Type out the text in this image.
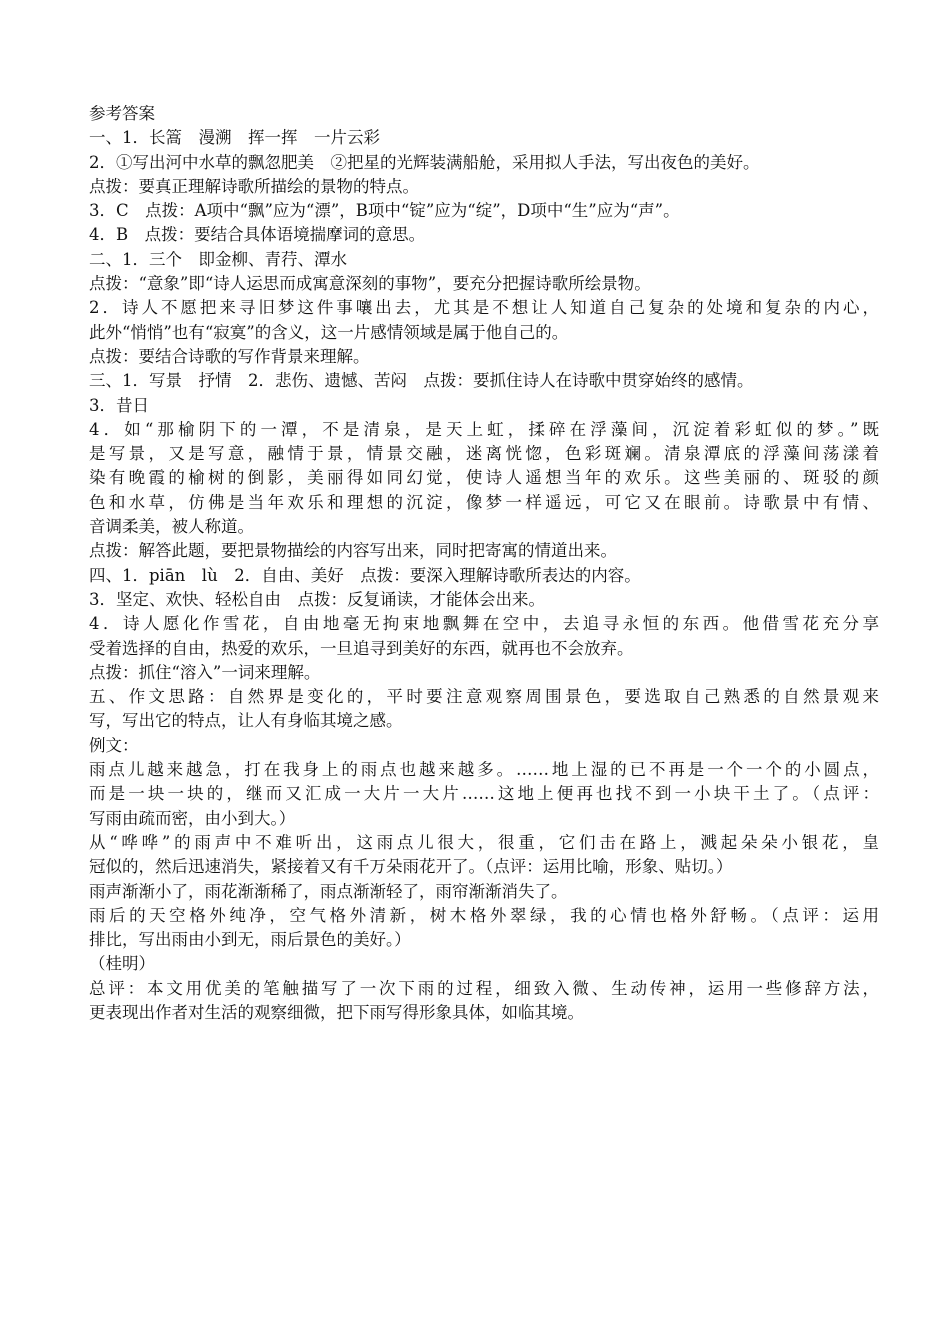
参考答案
一、1．长篙　漫溯　挥一挥　一片云彩
2．①写出河中水草的飘忽肥美　②把星的光辉装满船舱，采用拟人手法，写出夜色的美好。
点拨：要真正理解诗歌所描绘的景物的特点。
3．C　点拨：A项中“飘”应为“漂”，B项中“锭”应为“绽”，D项中“生”应为“声”。
4．B　点拨：要结合具体语境揣摩词的意思。
二、1．三个　即金柳、青荇、潭水
点拨：“意象”即“诗人运思而成寓意深刻的事物”，要充分把握诗歌所绘景物。
2．诗人不愿把来寻旧梦这件事嚷出去，尤其是不想让人知道自己复杂的处境和复杂的内心，
此外“悄悄”也有“寂寞”的含义，这一片感情领域是属于他自己的。
点拨：要结合诗歌的写作背景来理解。
三、1．写景　抒情　2．悲伤、遗憾、苦闷　点拨：要抓住诗人在诗歌中贯穿始终的感情。
3．昔日
4．如“那榆阴下的一潭，不是清泉，是天上虹，揉碎在浮藻间，沉淀着彩虹似的梦。”既
是写景，又是写意，融情于景，情景交融，迷离恍惚，色彩斑斓。清泉潭底的浮藻间荡漾着
染有晚霞的榆树的倒影，美丽得如同幻觉，使诗人遥想当年的欢乐。这些美丽的、斑驳的颜
色和水草，仿佛是当年欢乐和理想的沉淀，像梦一样遥远，可它又在眼前。诗歌景中有情、
音调柔美，被人称道。
点拨：解答此题，要把景物描绘的内容写出来，同时把寄寓的情道出来。
四、1．piān　lù　2．自由、美好　点拨：要深入理解诗歌所表达的内容。
3．坚定、欢快、轻松自由　点拨：反复诵读，才能体会出来。
4．诗人愿化作雪花，自由地毫无拘束地飘舞在空中，去追寻永恒的东西。他借雪花充分享
受着选择的自由，热爱的欢乐，一旦追寻到美好的东西，就再也不会放弃。
点拨：抓住“溶入”一词来理解。
五、作文思路：自然界是变化的，平时要注意观察周围景色，要选取自己熟悉的自然景观来
写，写出它的特点，让人有身临其境之感。
例文：
雨点儿越来越急，打在我身上的雨点也越来越多。……地上湿的已不再是一个一个的小圆点，
而是一块一块的，继而又汇成一大片一大片……这地上便再也找不到一小块干土了。（点评：
写雨由疏而密，由小到大。）
从“哗哗”的雨声中不难听出，这雨点儿很大，很重，它们击在路上，溅起朵朵小银花，皇
冠似的，然后迅速消失，紧接着又有千万朵雨花开了。（点评：运用比喻，形象、贴切。）
雨声渐渐小了，雨花渐渐稀了，雨点渐渐轻了，雨帘渐渐消失了。
雨后的天空格外纯净，空气格外清新，树木格外翠绿，我的心情也格外舒畅。（点评：运用
排比，写出雨由小到无，雨后景色的美好。）
（桂明）
总评：本文用优美的笔触描写了一次下雨的过程，细致入微、生动传神，运用一些修辞方法，
更表现出作者对生活的观察细微，把下雨写得形象具体，如临其境。
